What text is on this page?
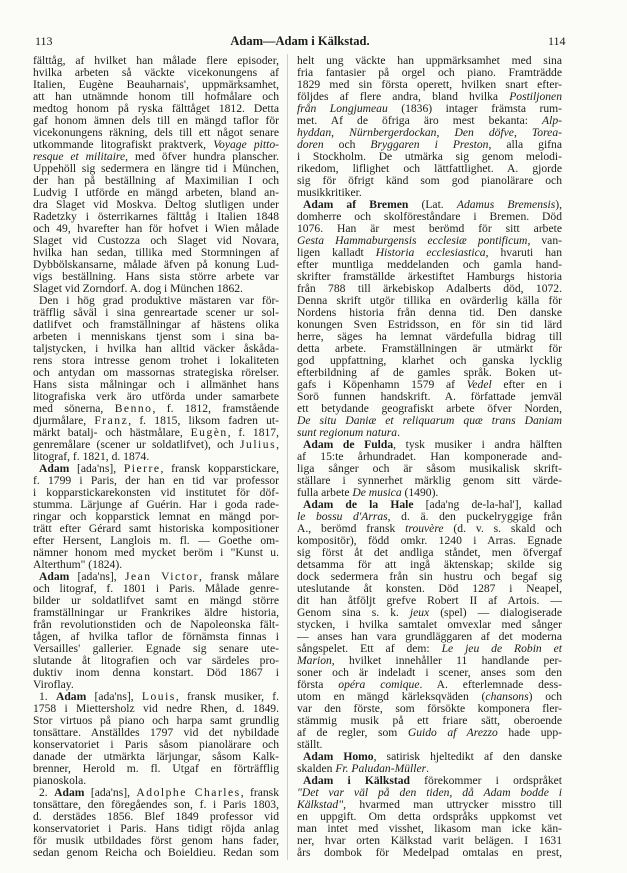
113	Adam—Adam i Kälkstad.	114
fälttåg, af hvilket han målade flere episoder,
hvilka arbeten så väckte vicekonungens af
Italien, Eugène Beauharnais', uppmärksamhet,
att han utnämnde honom till hofmålare och
medtog honom på ryska fälttåget 1812. Detta
gaf honom ämnen dels till en mängd taflor för
vicekonungens räkning, dels till ett något senare
utkommande litografiskt praktverk, Voyage pitto-
resque et militaire, med öfver hundra planscher.
Uppehöll sig sedermera en längre tid i München,
der han på beställning af Maximilian I och
Ludvig I utförde en mängd arbeten, bland an-
dra Slaget vid Moskva. Deltog slutligen under
Radetzky i österrikarnes fälttåg i Italien 1848
och 49, hvarefter han för hofvet i Wien målade
Slaget vid Custozza och Slaget vid Novara,
hvilka han sedan, tillika med Stormningen af
Dybbölskansarne, målade äfven på konung Lud-
vigs beställning. Hans sista större arbete var
Slaget vid Zorndorf. A. dog i München 1862.
Den i hög grad produktive mästaren var för-
träfflig såväl i sina genreartade scener ur sol-
datlifvet och framställningar af hästens olika
arbeten i menniskans tjenst som i sina ba-
taljstycken, i hvilka han alltid väcker åskåda-
rens stora intresse genom trohet i lokaliteten
och antydan om massornas strategiska rörelser.
Hans sista målningar och i allmänhet hans
litografiska verk äro utförda under samarbete
med sönerna, Benno, f. 1812, framstående
djurmålare, Franz, f. 1815, liksom fadren ut-
märkt batalj- och hästmålare, Eugèn, f. 1817,
genremålare (scener ur soldatlifvet), och Julius,
litograf, f. 1821, d. 1874.
Adam [ada'ns], Pierre, fransk kopparstickare,
f. 1799 i Paris, der han en tid var professor
i kopparstickarekonsten vid institutet för döf-
stumma. Lärjunge af Guérin. Har i goda rade-
ringar och kopparstick lemnat en mängd por-
trätt efter Gérard samt historiska kompositioner
efter Hersent, Langlois m. fl. — Goethe om-
nämner honom med mycket beröm i "Kunst u.
Alterthum" (1824).
Adam [ada'ns], Jean Victor, fransk målare
och litograf, f. 1801 i Paris. Målade genre-
bilder ur soldatlifvet samt en mängd större
framställningar ur Frankrikes äldre historia,
från revolutionstiden och de Napoleonska fält-
tågen, af hvilka taflor de förnämsta finnas i
Versailles' gallerier. Egnade sig senare ute-
slutande åt litografien och var särdeles pro-
duktiv inom denna konstart. Död 1867 i
Viroflay.
1. Adam [ada'ns], Louis, fransk musiker, f.
1758 i Miettersholz vid nedre Rhen, d. 1849.
Stor virtuos på piano och harpa samt grundlig
tonsättare. Anställdes 1797 vid det nybildade
konservatoriet i Paris såsom pianolärare och
danade der utmärkta lärjungar, såsom Kalk-
brenner, Herold m. fl. Utgaf en förträfflig
pianoskola.
2. Adam [ada'ns], Adolphe Charles, fransk
tonsättare, den föregåendes son, f. i Paris 1803,
d. derstädes 1856. Blef 1849 professor vid
konservatoriet i Paris. Hans tidigt röjda anlag
för musik utbildades först genom hans fader,
sedan genom Reicha och Boieldieu. Redan som
helt ung väckte han uppmärksamhet med sina
fria fantasier på orgel och piano. Framträdde
1829 med sin första operett, hvilken snart efter-
följdes af flere andra, bland hvilka Postiljonen
från Longjumeau (1836) intager främsta rum-
met. Af de öfriga äro mest bekanta: Alp-
hyddan, Nürnbergerdockan, Den döfve, Torea-
doren och Bryggaren i Preston, alla gifna
i Stockholm. De utmärka sig genom melodi-
rikedom, liflighet och lättfattlighet. A. gjorde
sig för öfrigt känd som god pianolärare och
musikkritiker.
Adam af Bremen (Lat. Adamus Bremensis),
domherre och skolföreståndare i Bremen. Död
1076. Han är mest berömd för sitt arbete
Gesta Hammaburgensis ecclesiæ pontificum, van-
ligen kalladt Historia ecclesiastica, hvaruti han
efter muntliga meddelanden och gamla hand-
skrifter framställde ärkestiftet Hamburgs historia
från 788 till ärkebiskop Adalberts död, 1072.
Denna skrift utgör tillika en ovärderlig källa för
Nordens historia från denna tid. Den danske
konungen Sven Estridsson, en för sin tid lärd
herre, säges ha lemnat värdefulla bidrag till
detta arbete. Framställningen är utmärkt för
god uppfattning, klarhet och ganska lycklig
efterbildning af de gamles språk. Boken ut-
gafs i Köpenhamn 1579 af Vedel efter en i
Sorö funnen handskrift. A. författade jemväl
ett betydande geografiskt arbete öfver Norden,
De situ Daniæ et reliquarum quæ trans Daniam
sunt regionum natura.
Adam de Fulda, tysk musiker i andra hälften
af 15:te århundradet. Han komponerade and-
liga sånger och är såsom musikalisk skrift-
ställare i synnerhet märklig genom sitt värde-
fulla arbete De musica (1490).
Adam de la Hale [ada'ng de-la-hal'], kallad
le bossu d'Arras, d. ä. den puckelryggige från
A., berömd fransk trouvère (d. v. s. skald och
kompositör), född omkr. 1240 i Arras. Egnade
sig först åt det andliga ståndet, men öfvergaf
detsamma för att ingå äktenskap; skilde sig
dock sedermera från sin hustru och begaf sig
uteslutande åt konsten. Död 1287 i Neapel,
dit han åtföljt grefve Robert II af Artois. —
Genom sina s. k. jeux (spel) — dialogiserade
stycken, i hvilka samtalet omvexlar med sånger
— anses han vara grundläggaren af det moderna
sångspelet. Ett af dem: Le jeu de Robin et
Marion, hvilket innehåller 11 handlande per-
soner och är indeladt i scener, anses som den
första opéra comique. A. efterlemnade dess-
utom en mängd kärleksqväden (chansons) och
var den förste, som försökte komponera fler-
stämmig musik på ett friare sätt, oberoende
af de regler, som Guido af Arezzo hade upp-
ställt.
Adam Homo, satirisk hjeltedikt af den danske
skalden Fr. Paludan-Müller.
Adam i Kälkstad förekommer i ordspråket
"Det var väl på den tiden, då Adam bodde i
Kälkstad", hvarmed man uttrycker misstro till
en uppgift. Om detta ordspråks uppkomst vet
man intet med visshet, likasom man icke kän-
ner, hvar orten Kälkstad varit belägen. I 1631
års dombok för Medelpad omtalas en prest,
